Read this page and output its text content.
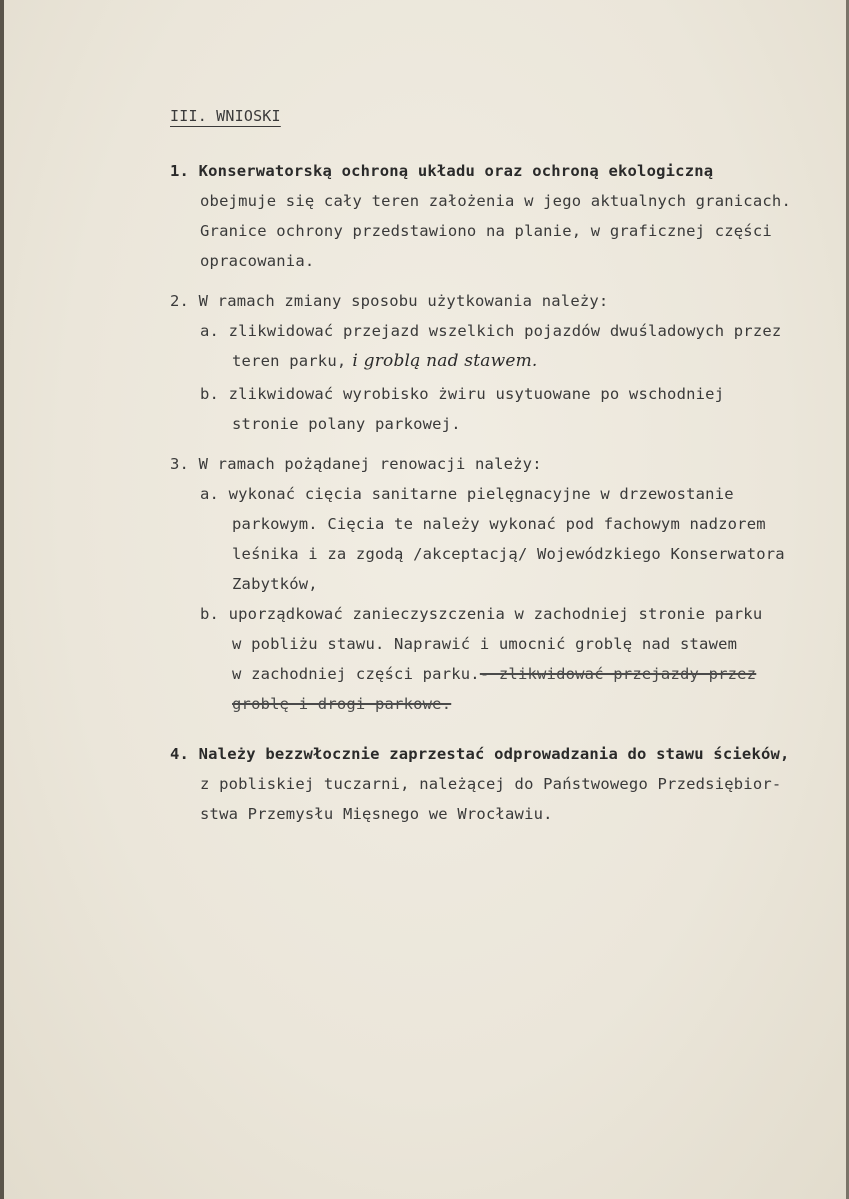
III. WNIOSKI
1. Konserwatorską ochroną układu oraz ochroną ekologiczną
obejmuje się cały teren założenia w jego aktualnych granicach.
Granice ochrony przedstawiono na planie, w graficznej części
opracowania.
2. W ramach zmiany sposobu użytkowania należy:
a. zlikwidować przejazd wszelkich pojazdów dwuśladowych przez
teren parku, i groblą nad stawem.
b. zlikwidować wyrobisko żwiru usytuowane po wschodniej
stronie polany parkowej.
3. W ramach pożądanej renowacji należy:
a. wykonać cięcia sanitarne pielęgnacyjne w drzewostanie
parkowym. Cięcia te należy wykonać pod fachowym nadzorem
leśnika i za zgodą /akceptacją/ Wojewódzkiego Konserwatora
Zabytków,
b. uporządkować zanieczyszczenia w zachodniej stronie parku
w pobliżu stawu. Naprawić i umocnić groblę nad stawem
w zachodniej części parku.- zlikwidować przejazdy przez
groblę i drogi parkowe.
4. Należy bezzwłocznie zaprzestać odprowadzania do stawu ścieków,
z pobliskiej tuczarni, należącej do Państwowego Przedsiębior-
stwa Przemysłu Mięsnego we Wrocławiu.
